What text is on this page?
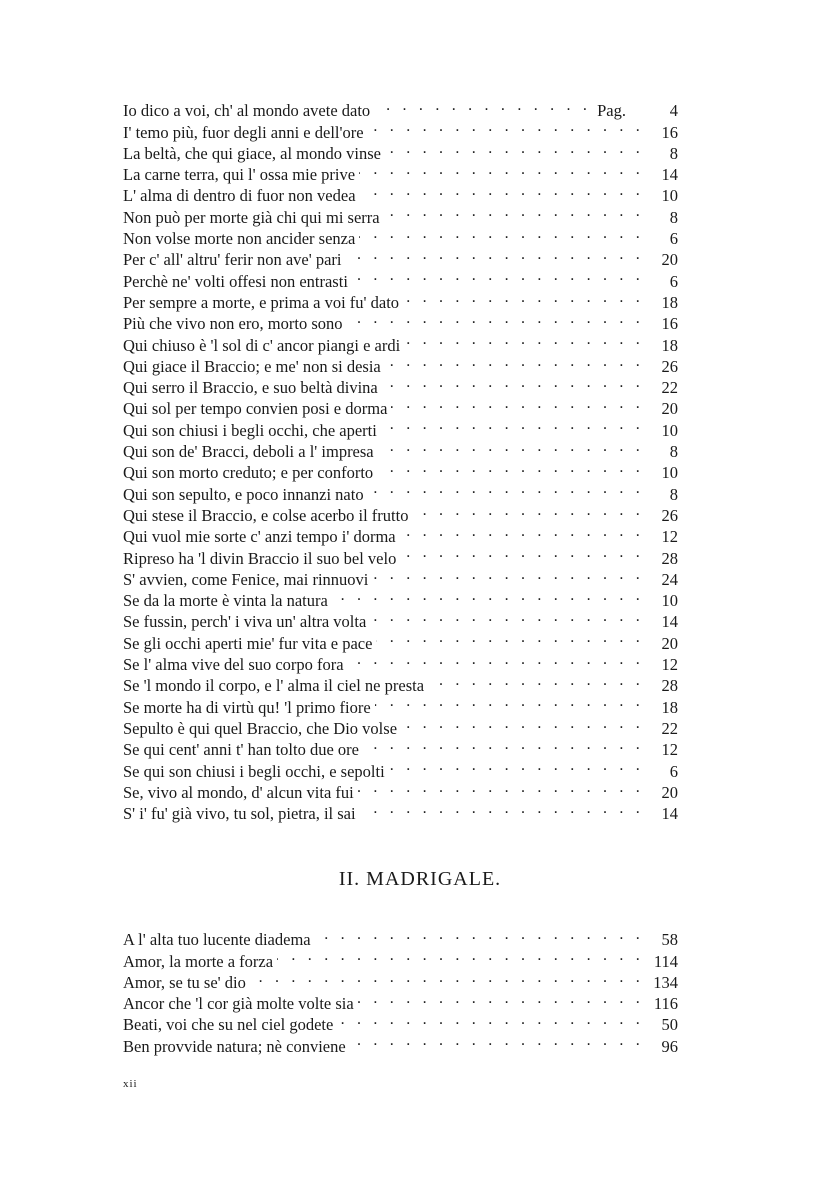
Io dico a voi, ch' al mondo avete dato . . .	Pag.	4
I' temo più, fuor degli anni e dell'ore . . .	16
La beltà, che qui giace, al mondo vinse . . .	8
La carne terra, qui l' ossa mie prive . . .	14
L' alma di dentro di fuor non vedea . . .	10
Non può per morte già chi qui mi serra . . .	8
Non volse morte non ancider senza . . .	6
Per c' all' altru' ferir non ave' pari . . .	20
Perchè ne' volti offesi non entrasti . . .	6
Per sempre a morte, e prima a voi fu' dato . . .	18
Più che vivo non ero, morto sono . . .	16
Qui chiuso è 'l sol di c' ancor piangi e ardi . . .	18
Qui giace il Braccio; e me' non si desia . . .	26
Qui serro il Braccio, e suo beltà divina . . .	22
Qui sol per tempo convien posi e dorma . . .	20
Qui son chiusi i begli occhi, che aperti . . .	10
Qui son de' Bracci, deboli a l' impresa . . .	8
Qui son morto creduto; e per conforto . . .	10
Qui son sepulto, e poco innanzi nato . . .	8
Qui stese il Braccio, e colse acerbo il frutto . . .	26
Qui vuol mie sorte c' anzi tempo i' dorma . . .	12
Ripreso ha 'l divin Braccio il suo bel velo . . .	28
S' avvien, come Fenice, mai rinnuovi . . .	24
Se da la morte è vinta la natura . . .	10
Se fussin, perch' i viva un' altra volta . . .	14
Se gli occhi aperti mie' fur vita e pace . . .	20
Se l' alma vive del suo corpo fora . . .	12
Se 'l mondo il corpo, e l' alma il ciel ne presta . . .	28
Se morte ha di virtù qu! 'l primo fiore . . .	18
Sepulto è qui quel Braccio, che Dio volse . . .	22
Se qui cent' anni t' han tolto due ore . . .	12
Se qui son chiusi i begli occhi, e sepolti . . .	6
Se, vivo al mondo, d' alcun vita fui . . .	20
S' i' fu' già vivo, tu sol, pietra, il sai . . .	14
II. MADRIGALE.
A l' alta tuo lucente diadema . . .	58
Amor, la morte a forza . . .	114
Amor, se tu se' dio . . .	134
Ancor che 'l cor già molte volte sia . . .	116
Beati, voi che su nel ciel godete . . .	50
Ben provvide natura; nè conviene . . .	96
xii
